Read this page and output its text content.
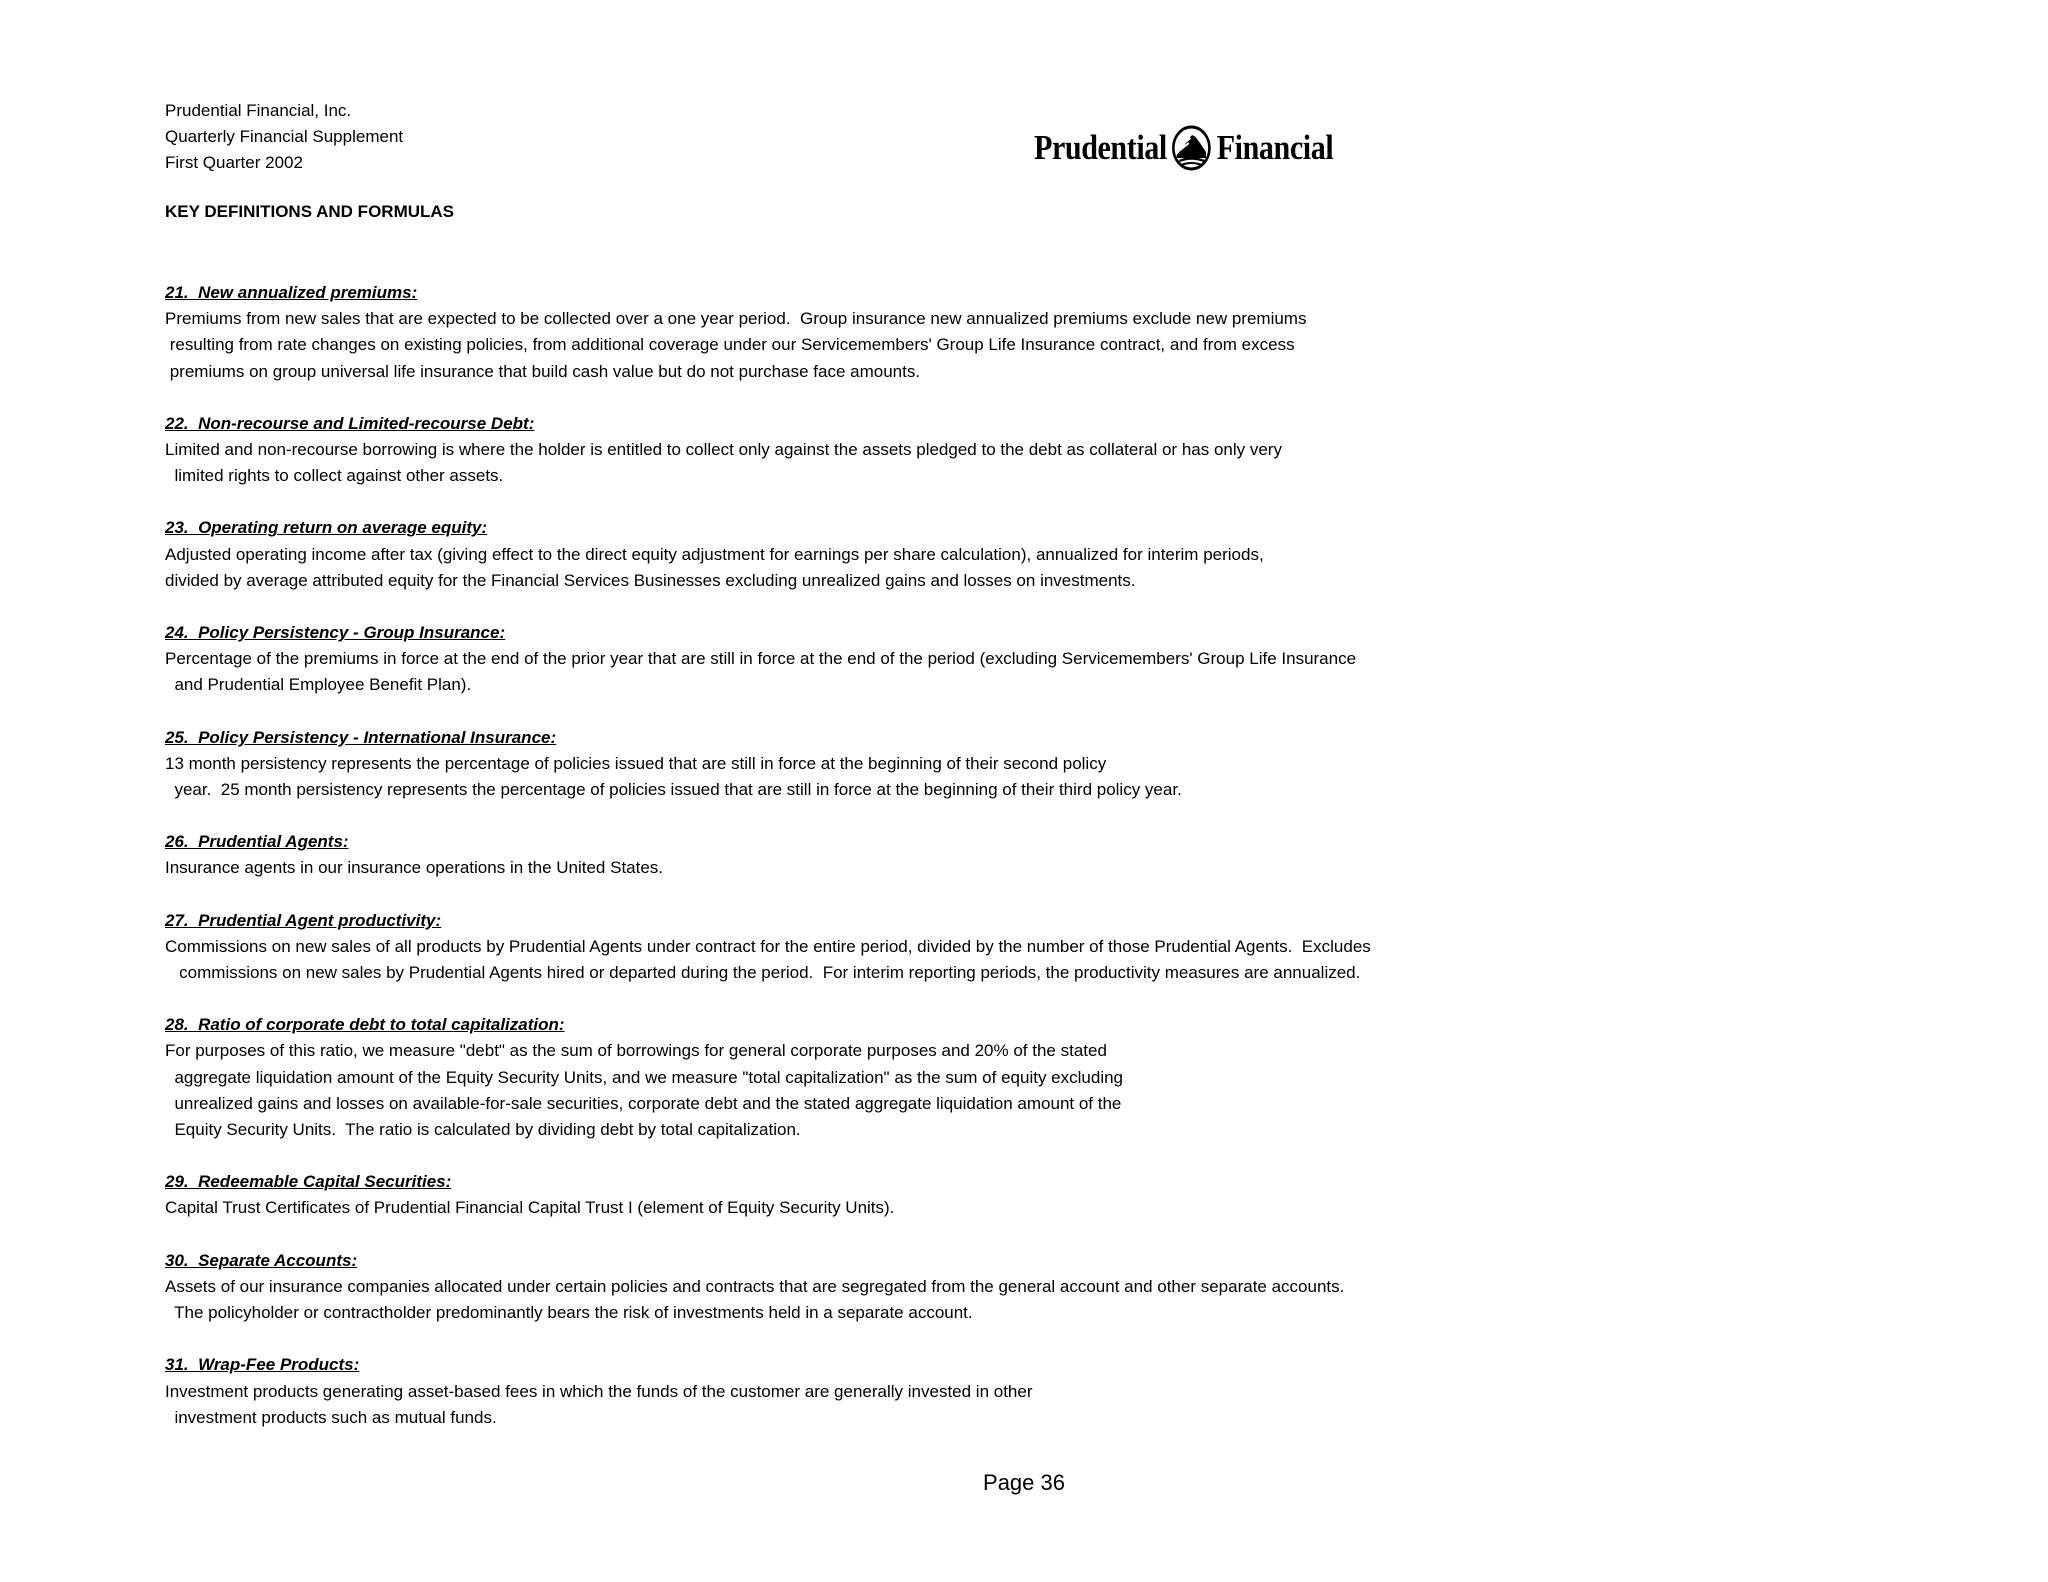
Prudential Financial, Inc.
Quarterly Financial Supplement
First Quarter 2002	Prudential Financial
KEY DEFINITIONS AND FORMULAS
21.  New annualized premiums:
Premiums from new sales that are expected to be collected over a one year period.  Group insurance new annualized premiums exclude new premiums
resulting from rate changes on existing policies, from additional coverage under our Servicemembers' Group Life Insurance contract, and from excess
premiums on group universal life insurance that build cash value but do not purchase face amounts.
22.  Non-recourse and Limited-recourse Debt:
Limited and non-recourse borrowing is where the holder is entitled to collect only against the assets pledged to the debt as collateral or has only very
limited rights to collect against other assets.
23.  Operating return on average equity:
Adjusted operating income after tax (giving effect to the direct equity adjustment for earnings per share calculation), annualized for interim periods,
divided by average attributed equity for the Financial Services Businesses excluding unrealized gains and losses on investments.
24.  Policy Persistency - Group Insurance:
Percentage of the premiums in force at the end of the prior year that are still in force at the end of the period (excluding Servicemembers' Group Life Insurance
and Prudential Employee Benefit Plan).
25.  Policy Persistency - International Insurance:
13 month persistency represents the percentage of policies issued that are still in force at the beginning of their second policy
year.  25 month persistency represents the percentage of policies issued that are still in force at the beginning of their third policy year.
26.  Prudential Agents:
Insurance agents in our insurance operations in the United States.
27.  Prudential Agent productivity:
Commissions on new sales of all products by Prudential Agents under contract for the entire period, divided by the number of those Prudential Agents.  Excludes
commissions on new sales by Prudential Agents hired or departed during the period.  For interim reporting periods, the productivity measures are annualized.
28.  Ratio of corporate debt to total capitalization:
For purposes of this ratio, we measure "debt" as the sum of borrowings for general corporate purposes and 20% of the stated
aggregate liquidation amount of the Equity Security Units, and we measure "total capitalization" as the sum of equity excluding
unrealized gains and losses on available-for-sale securities, corporate debt and the stated aggregate liquidation amount of the
Equity Security Units.  The ratio is calculated by dividing debt by total capitalization.
29.  Redeemable Capital Securities:
Capital Trust Certificates of Prudential Financial Capital Trust I (element of Equity Security Units).
30.  Separate Accounts:
Assets of our insurance companies allocated under certain policies and contracts that are segregated from the general account and other separate accounts.
The policyholder or contractholder predominantly bears the risk of investments held in a separate account.
31.  Wrap-Fee Products:
Investment products generating asset-based fees in which the funds of the customer are generally invested in other
investment products such as mutual funds.
Page 36
